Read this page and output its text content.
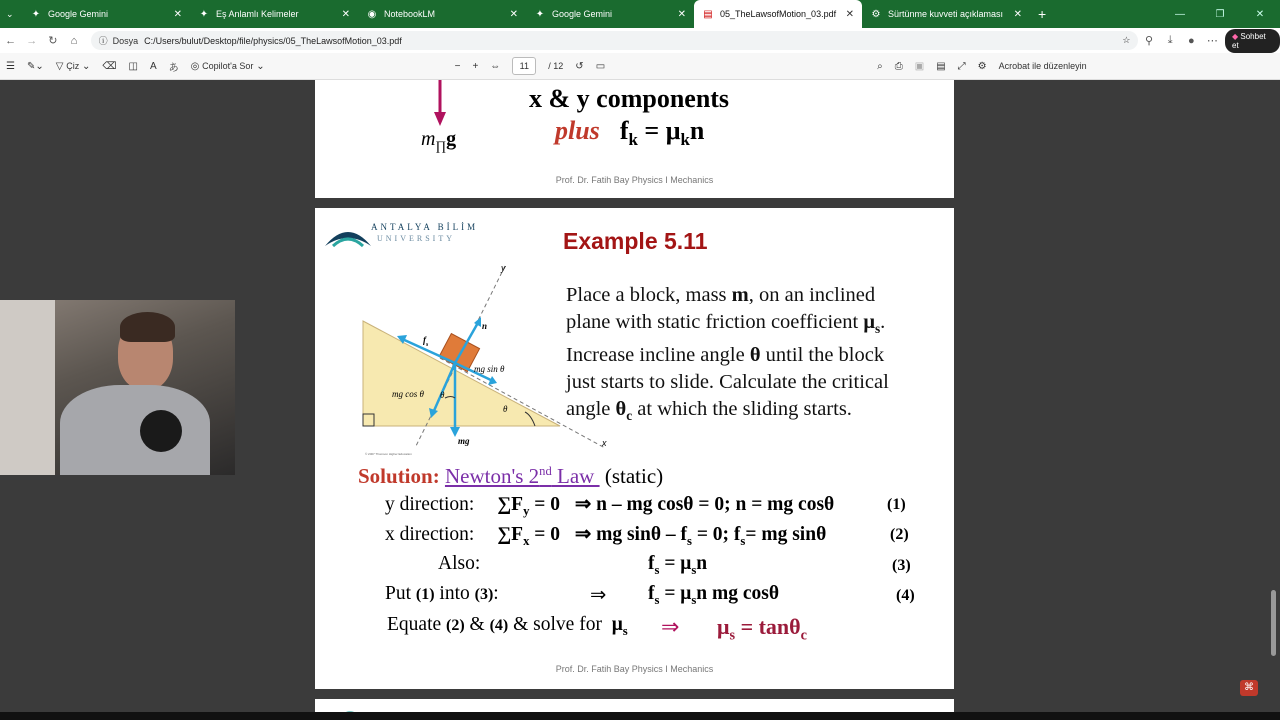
⌄ ✦ Google Gemini	✕ ✦ Eş Anlamlı Kelimeler	✕ ◉ NotebookLM	✕ ✦ Google Gemini	✕ ▤ 05_TheLawsofMotion_03.pdf ✕ ⚙ Sürtünme kuvveti açıklaması ✕ +	—	❐	✕
← →	↻	⌂	ⓘ Dosya C:/Users/bulut/Desktop/file/physics/05_TheLawsofMotion_03.pdf	☆	⚲	⤓	●	⋯	◆ Sohbet et
☰	✎⌄	▽
Çiz ⌄	⌫	◫	A	あ	◎
Copilot'a Sor ⌄	−	+	⇔	11	/ 12	↺	▭	⌕	⎙	▣	▤	⤢	⚙	Acrobat ile düzenleyin
$m_\prod g$
x & y components
plus $f_k = \mu_kn$
Prof. Dr. Fatih Bay Physics I Mechanics
ANTALYA BİLİM
UNIVERSITY	Example 5.11
y
x
$f_s$
n
mg sin θ
mg cos θ θ
θ
mg
© 2007 Thomson Higher Education
Place a block, mass m, on an inclined
plane with static friction coefficient $\mu_s$.
Increase incline angle θ until the block
just starts to slide. Calculate the critical
angle $\theta_c$ at which the sliding starts.
Solution: Newton's 2nd Law  (static)
y direction: $\sum F_y = 0$ ⇒ n – mg cosθ = 0; n = mg cosθ	(1)
x direction: $\sum F_x = 0$ ⇒ mg $\sin\theta - f_s = 0$; $f_s=$ mg sinθ	(2)
Also:	$f_s = \mu_sn$	(3)
Put (1) into (3):	⇒ $f_s = \mu_sn$ mg cosθ	(4)
Equate (2) & (4) & solve for  $\mu_s$ ⇒ $\mu_s = \tan\theta_c$
Prof. Dr. Fatih Bay Physics I Mechanics
⌘
